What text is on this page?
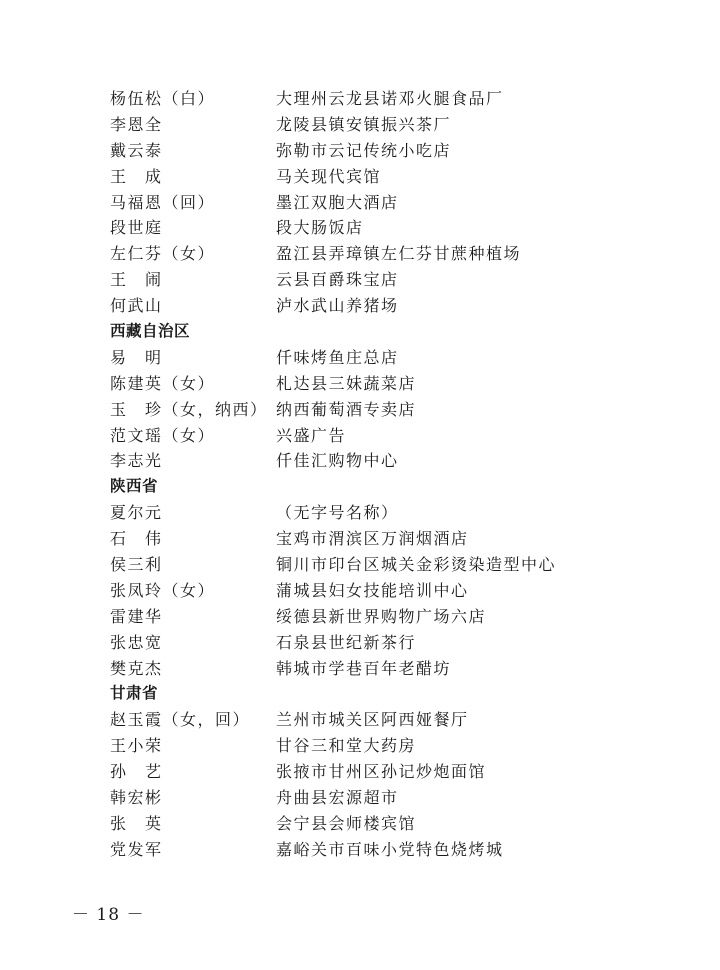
杨伍松（白）	大理州云龙县诺邓火腿食品厂
李恩全	龙陵县镇安镇振兴茶厂
戴云泰	弥勒市云记传统小吃店
王　成	马关现代宾馆
马福恩（回）	墨江双胞大酒店
段世庭	段大肠饭店
左仁芬（女）	盈江县弄璋镇左仁芬甘蔗种植场
王　闹	云县百爵珠宝店
何武山	泸水武山养猪场
西藏自治区
易　明	仟味烤鱼庄总店
陈建英（女）	札达县三妹蔬菜店
玉　珍（女，纳西） 纳西葡萄酒专卖店
范文瑶（女）	兴盛广告
李志光	仟佳汇购物中心
陕西省
夏尔元	（无字号名称）
石　伟	宝鸡市渭滨区万润烟酒店
侯三利	铜川市印台区城关金彩烫染造型中心
张凤玲（女）	蒲城县妇女技能培训中心
雷建华	绥德县新世界购物广场六店
张忠宽	石泉县世纪新茶行
樊克杰	韩城市学巷百年老醋坊
甘肃省
赵玉霞（女，回） 兰州市城关区阿西娅餐厅
王小荣	甘谷三和堂大药房
孙　艺	张掖市甘州区孙记炒炮面馆
韩宏彬	舟曲县宏源超市
张　英	会宁县会师楼宾馆
党发军	嘉峪关市百味小党特色烧烤城
－ 18 －
